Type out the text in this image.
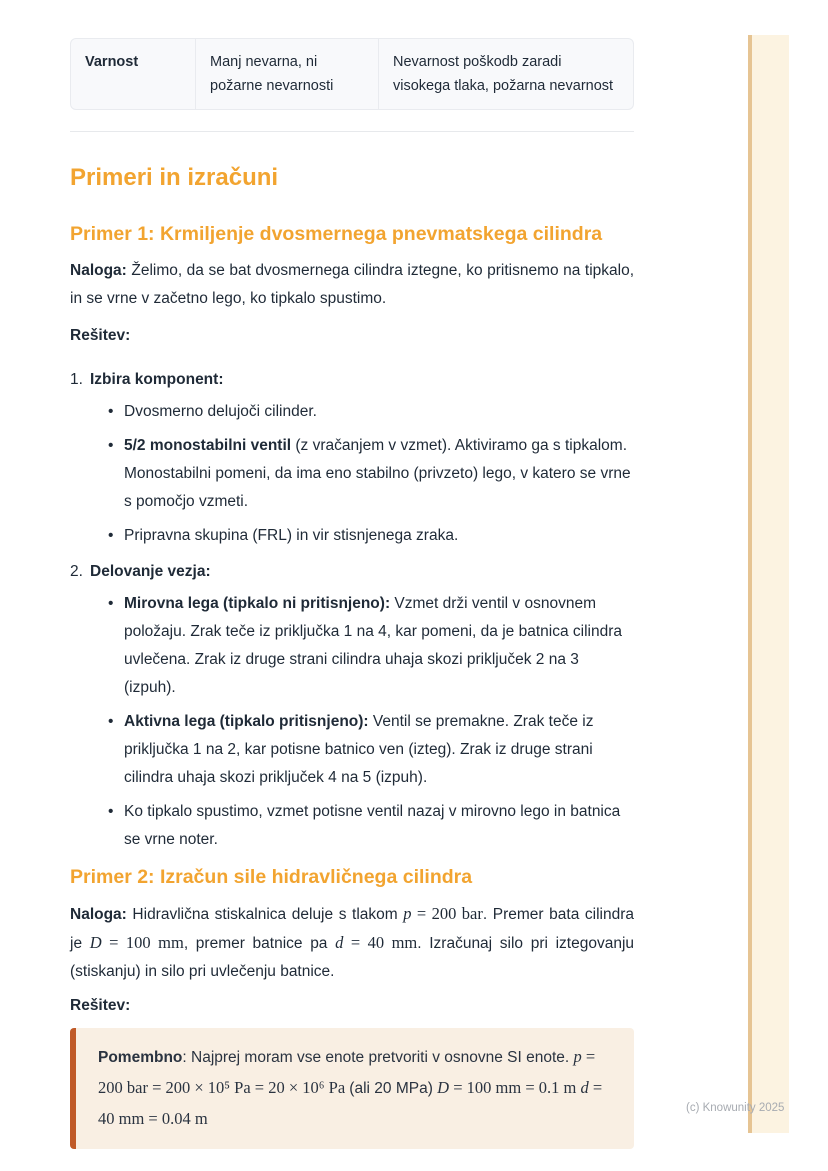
(c) Knowunity 2025
Varnost	Manj nevarna, ni požarne nevarnosti	Nevarnost poškodb zaradi visokega tlaka, požarna nevarnost
Primeri in izračuni
Primer 1: Krmiljenje dvosmernega pnevmatskega cilindra
Naloga: Želimo, da se bat dvosmernega cilindra iztegne, ko pritisnemo na tipkalo, in se vrne v začetno lego, ko tipkalo spustimo.
Rešitev:
1. Izbira komponent:
• Dvosmerno delujoči cilinder.
• 5/2 monostabilni ventil (z vračanjem v vzmet). Aktiviramo ga s tipkalom. Monostabilni pomeni, da ima eno stabilno (privzeto) lego, v katero se vrne s pomočjo vzmeti.
• Pripravna skupina (FRL) in vir stisnjenega zraka.
2. Delovanje vezja:
• Mirovna lega (tipkalo ni pritisnjeno): Vzmet drži ventil v osnovnem položaju. Zrak teče iz priključka 1 na 4, kar pomeni, da je batnica cilindra uvlečena. Zrak iz druge strani cilindra uhaja skozi priključek 2 na 3 (izpuh).
• Aktivna lega (tipkalo pritisnjeno): Ventil se premakne. Zrak teče iz priključka 1 na 2, kar potisne batnico ven (izteg). Zrak iz druge strani cilindra uhaja skozi priključek 4 na 5 (izpuh).
• Ko tipkalo spustimo, vzmet potisne ventil nazaj v mirovno lego in batnica se vrne noter.
Primer 2: Izračun sile hidravličnega cilindra
Naloga: Hidravlična stiskalnica deluje s tlakom p = 200 bar. Premer bata cilindra je D = 100 mm, premer batnice pa d = 40 mm. Izračunaj silo pri iztegovanju (stiskanju) in silo pri uvlečenju batnice.
Rešitev:
Pomembno: Najprej moram vse enote pretvoriti v osnovne SI enote. p = 200 bar = 200 × 10⁵ Pa = 20 × 10⁶ Pa (ali 20 MPa) D = 100 mm = 0.1 m d = 40 mm = 0.04 m
